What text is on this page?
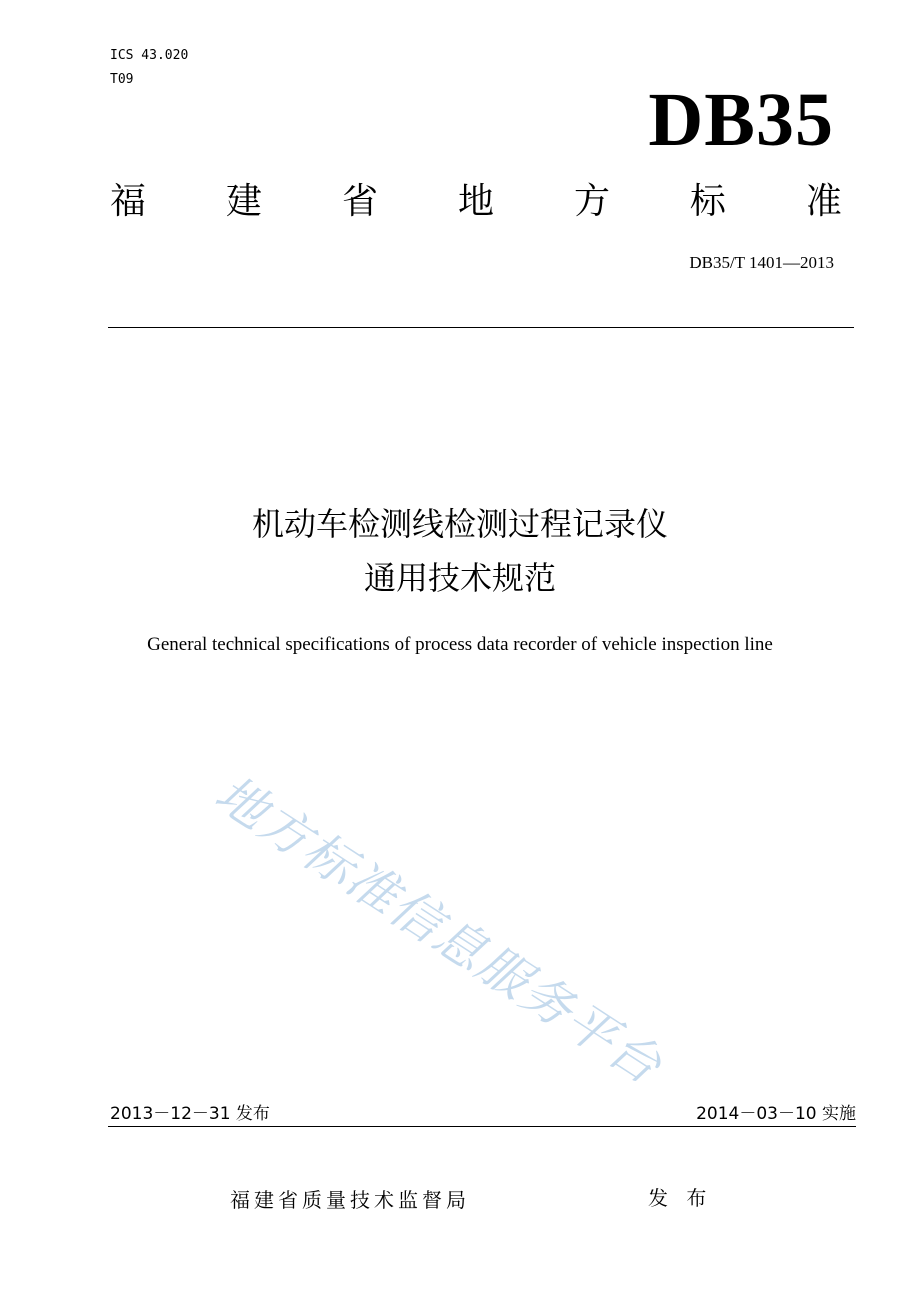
ICS 43.020
T09	DB35
福 建 省 地 方 标 准
DB35/T 1401—2013
机动车检测线检测过程记录仪
通用技术规范
General technical specifications of process data recorder of vehicle inspection line
地方标准信息服务平台
2013－12－31 发布	2014－03－10 实施
福建省质量技术监督局	发 布
